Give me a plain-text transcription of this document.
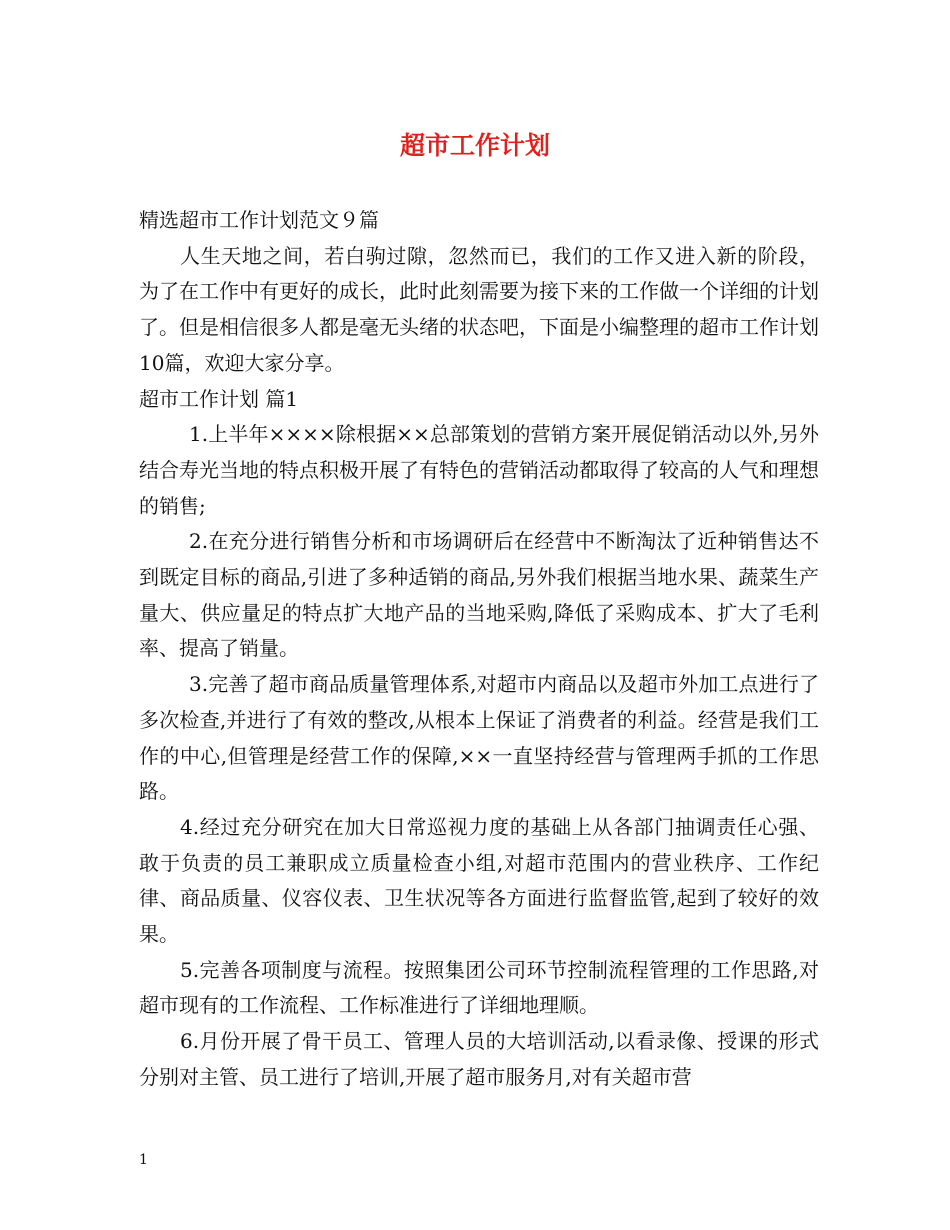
超市工作计划

精选超市工作计划范文９篇

人生天地之间，若白驹过隙，忽然而已，我们的工作又进入新的阶段，为了在工作中有更好的成长，此时此刻需要为接下来的工作做一个详细的计划了。但是相信很多人都是毫无头绪的状态吧，下面是小编整理的超市工作计划10篇，欢迎大家分享。

超市工作计划 篇1

1.上半年××××除根据××总部策划的营销方案开展促销活动以外,另外结合寿光当地的特点积极开展了有特色的营销活动都取得了较高的人气和理想的销售;

2.在充分进行销售分析和市场调研后在经营中不断淘汰了近种销售达不到既定目标的商品,引进了多种适销的商品,另外我们根据当地水果、蔬菜生产量大、供应量足的特点扩大地产品的当地采购,降低了采购成本、扩大了毛利率、提高了销量。

3.完善了超市商品质量管理体系,对超市内商品以及超市外加工点进行了多次检查,并进行了有效的整改,从根本上保证了消费者的利益。经营是我们工作的中心,但管理是经营工作的保障,××一直坚持经营与管理两手抓的工作思路。

4.经过充分研究在加大日常巡视力度的基础上从各部门抽调责任心强、敢于负责的员工兼职成立质量检查小组,对超市范围内的营业秩序、工作纪律、商品质量、仪容仪表、卫生状况等各方面进行监督监管,起到了较好的效果。

5.完善各项制度与流程。按照集团公司环节控制流程管理的工作思路,对超市现有的工作流程、工作标准进行了详细地理顺。

6.月份开展了骨干员工、管理人员的大培训活动,以看录像、授课的形式分别对主管、员工进行了培训,开展了超市服务月,对有关超市营

1
